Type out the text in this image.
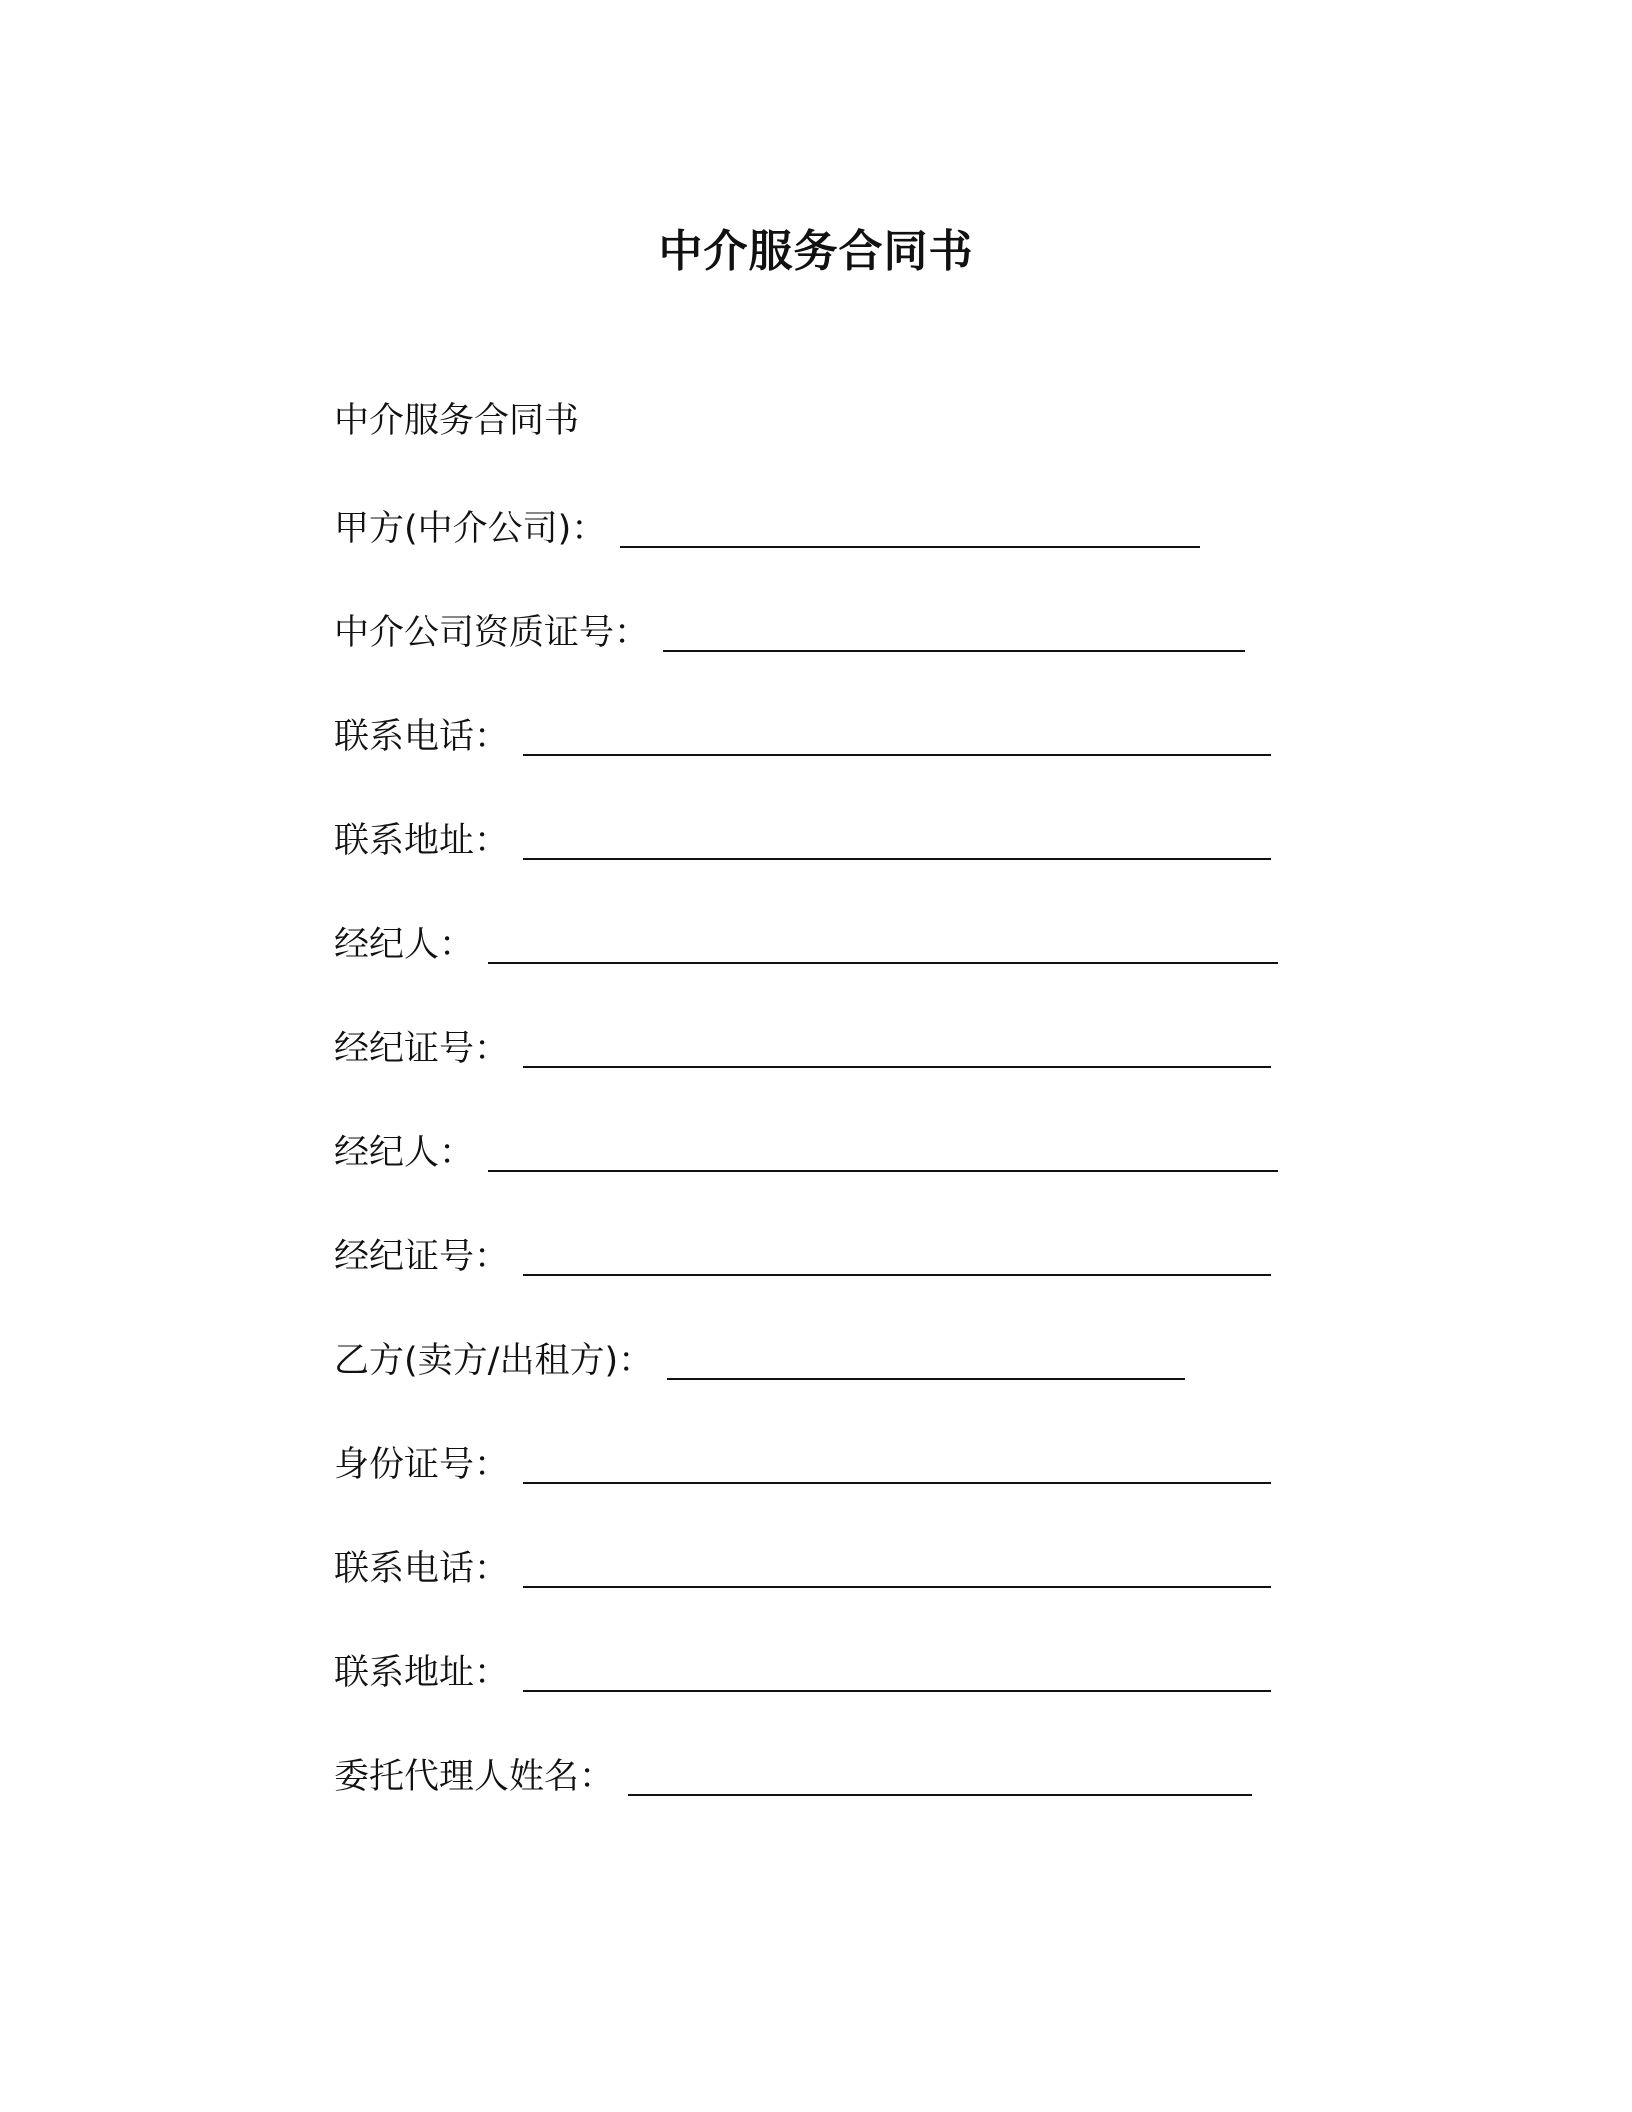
中介服务合同书
中介服务合同书
甲方(中介公司)：
中介公司资质证号：
联系电话：
联系地址：
经纪人：
经纪证号：
经纪人：
经纪证号：
乙方(卖方/出租方)：
身份证号：
联系电话：
联系地址：
委托代理人姓名：
